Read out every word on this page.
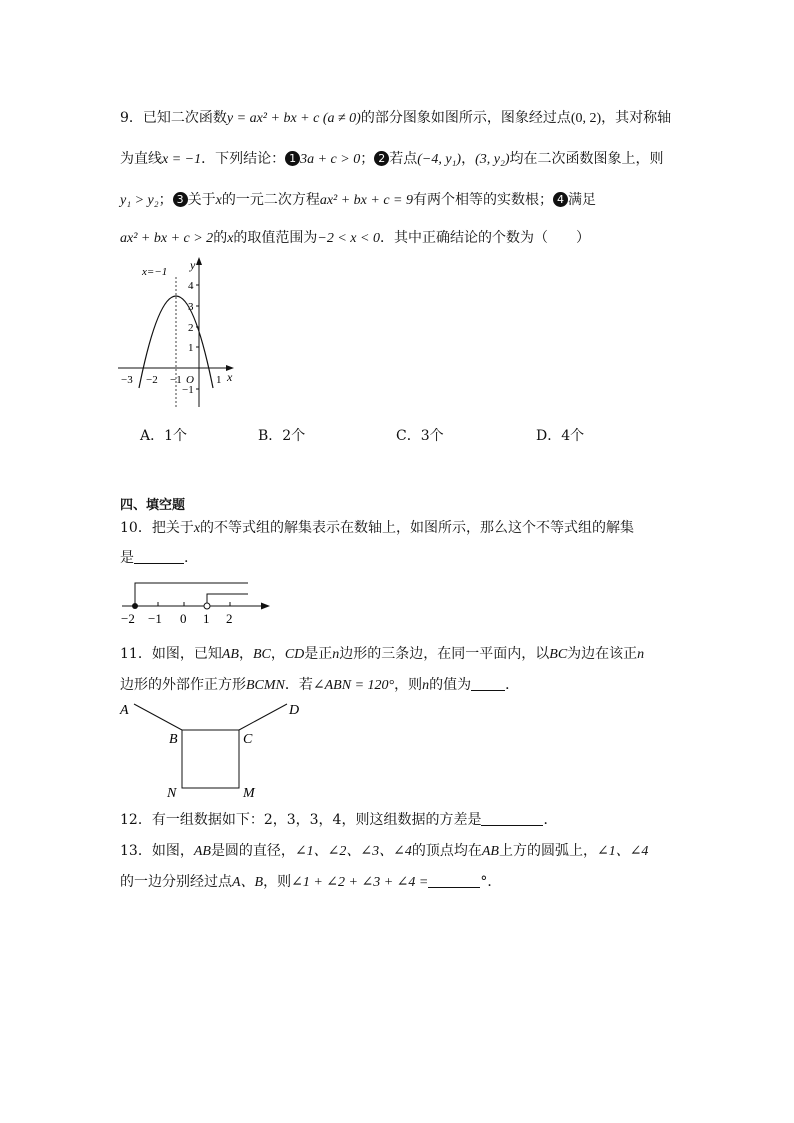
9．已知二次函数y = ax² + bx + c (a ≠ 0)的部分图象如图所示，图象经过点(0, 2)，其对称轴
为直线x = −1．下列结论： 1 3a + c > 0； 2 若点(−4, y₁)，(3, y₂)均在二次函数图象上，则
y₁ > y₂； 3 关于x的一元二次方程ax² + bx + c = 9有两个相等的实数根； 4 满足
ax² + bx + c > 2的x的取值范围为−2 < x < 0．其中正确结论的个数为（　　）
y
x
4
3
2
1
−1
−3 −2 −1 O 1
x=−1
A．1个	B．2个	C．3个	D．4个
四、填空题
10．把关于x的不等式组的解集表示在数轴上，如图所示，那么这个不等式组的解集
是	.
−2 −1 0 1 2
11．如图，已知AB，BC，CD是正n边形的三条边，在同一平面内，以BC为边在该正n
边形的外部作正方形BCMN．若∠ABN = 120°，则n的值为 ．
A
B	C
D
N	M
12．有一组数据如下：2，3，3，4，则这组数据的方差是	．
13．如图，AB是圆的直径，∠1、∠2、∠3、∠4的顶点均在AB上方的圆弧上，∠1、∠4
的一边分别经过点A、B，则∠1 + ∠2 + ∠3 + ∠4 =	°．
